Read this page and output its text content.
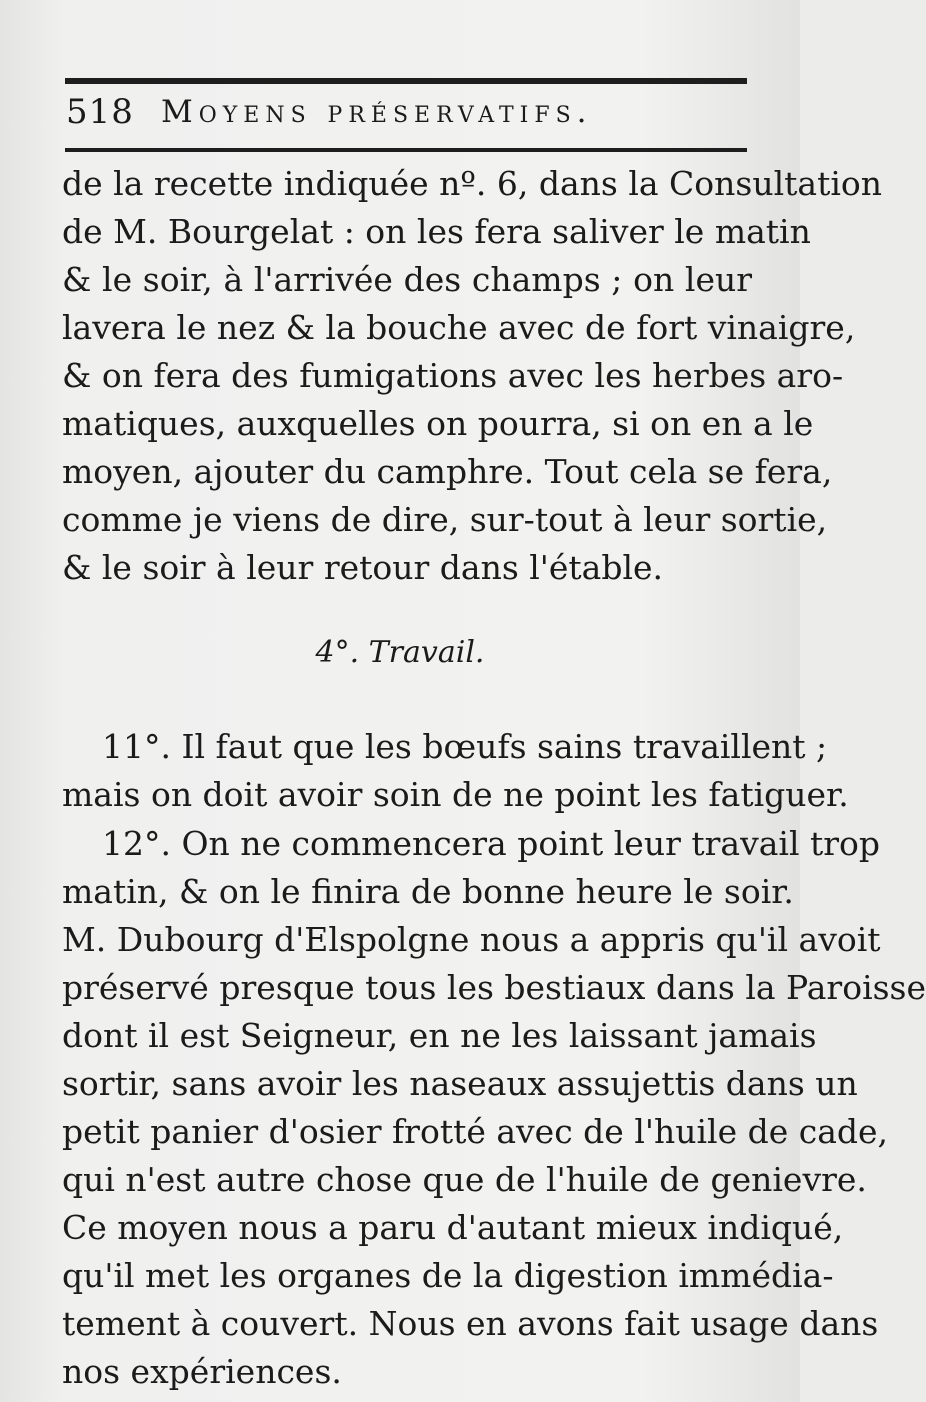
518 Moyens préservatifs.
de la recette indiquée nº. 6, dans la Consultation
de M. Bourgelat : on les fera saliver le matin
& le soir, à l'arrivée des champs ; on leur
lavera le nez & la bouche avec de fort vinaigre,
& on fera des fumigations avec les herbes aro-
matiques, auxquelles on pourra, si on en a le
moyen, ajouter du camphre. Tout cela se fera,
comme je viens de dire, sur-tout à leur sortie,
& le soir à leur retour dans l'étable.
4°. Travail.
11°. Il faut que les bœufs sains travaillent ;
mais on doit avoir soin de ne point les fatiguer.
12°. On ne commencera point leur travail trop
matin, & on le finira de bonne heure le soir.
M. Dubourg d'Elspolgne nous a appris qu'il avoit
préservé presque tous les bestiaux dans la Paroisse
dont il est Seigneur, en ne les laissant jamais
sortir, sans avoir les naseaux assujettis dans un
petit panier d'osier frotté avec de l'huile de cade,
qui n'est autre chose que de l'huile de genievre.
Ce moyen nous a paru d'autant mieux indiqué,
qu'il met les organes de la digestion immédia-
tement à couvert. Nous en avons fait usage dans
nos expériences.
